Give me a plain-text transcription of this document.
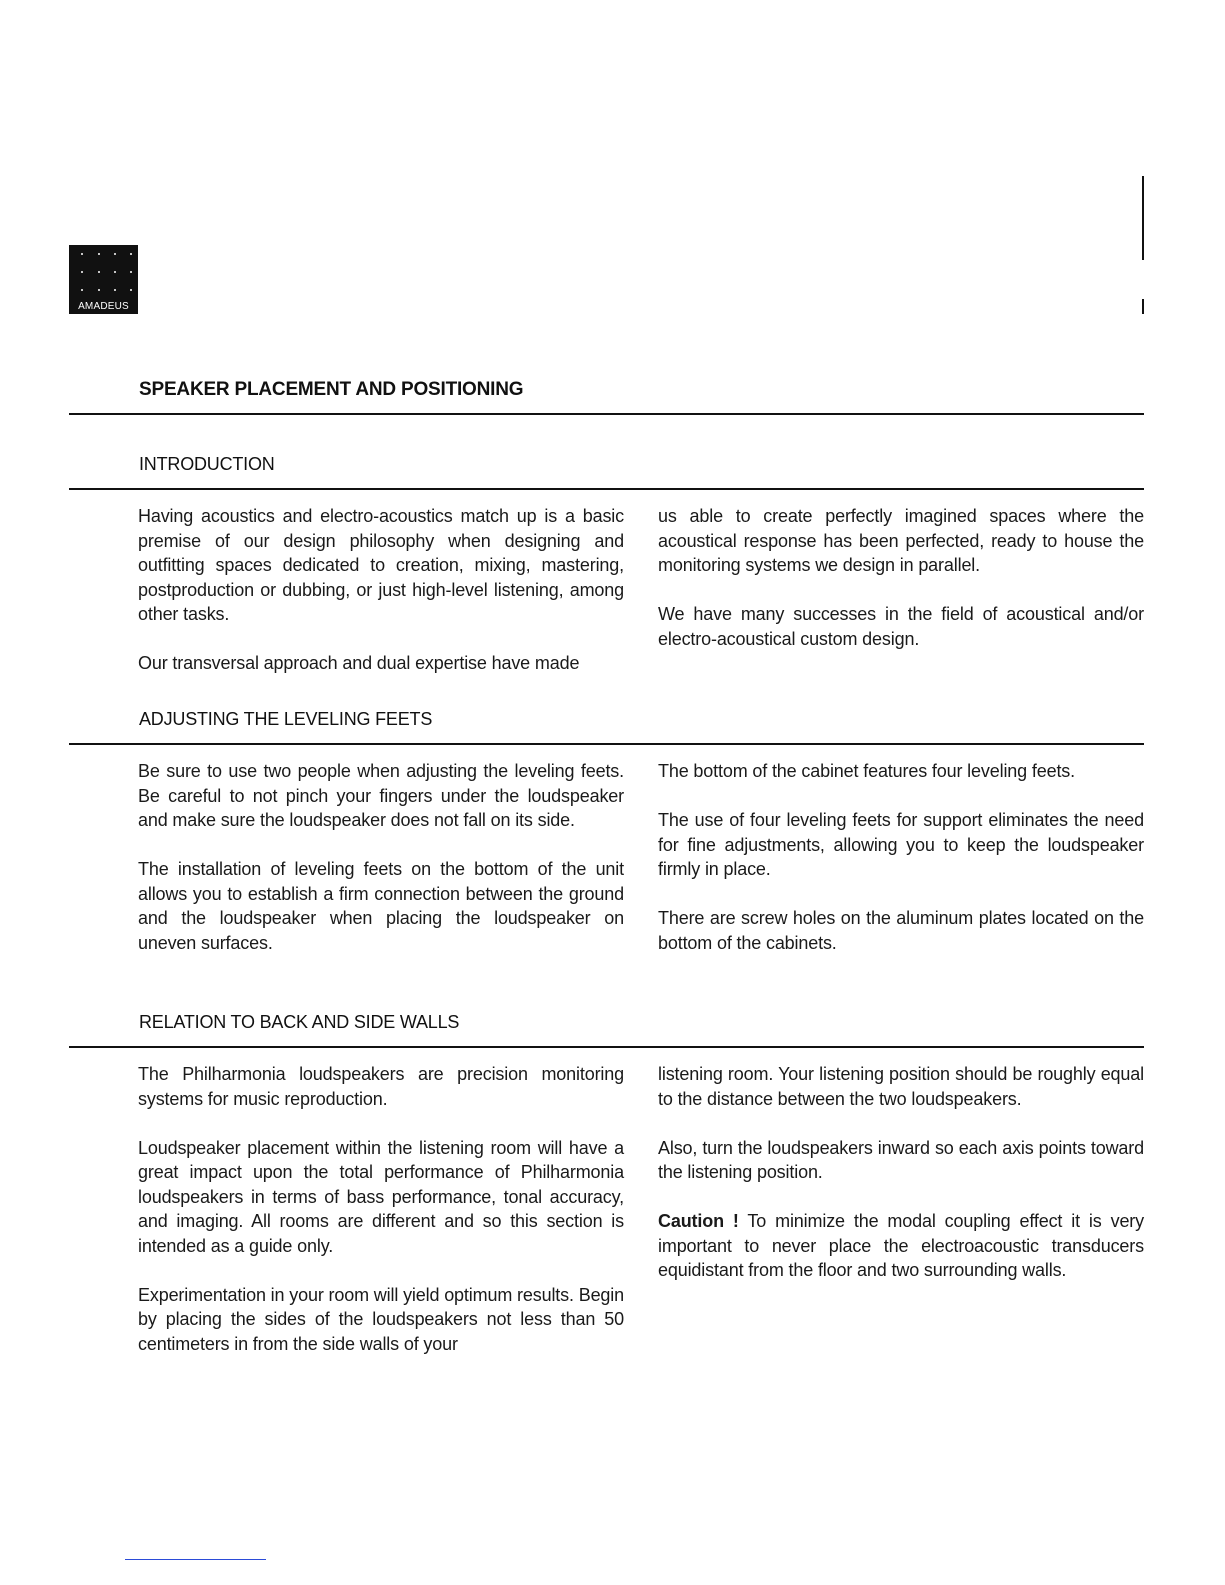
AMADEUS
SPEAKER PLACEMENT AND POSITIONING
INTRODUCTION

Having acoustics and electro-acoustics match up is a basic premise of our design philosophy when designing and outfitting spaces dedicated to creation, mixing, mastering, postproduction or dubbing, or just high-level listening, among other tasks.

Our transversal approach and dual expertise have made

us able to create perfectly imagined spaces where the acoustical response has been perfected, ready to house the monitoring systems we design in parallel.

We have many successes in the field of acoustical and/or electro-acoustical custom design.

ADJUSTING THE LEVELING FEETS

Be sure to use two people when adjusting the leveling feets. Be careful to not pinch your fingers under the loudspeaker and make sure the loudspeaker does not fall on its side.

The installation of leveling feets on the bottom of the unit allows you to establish a firm connection between the ground and the loudspeaker when placing the loudspeaker on uneven surfaces.

The bottom of the cabinet features four leveling feets.

The use of four leveling feets for support eliminates the need for fine adjustments, allowing you to keep the loudspeaker firmly in place.

There are screw holes on the aluminum plates located on the bottom of the cabinets.

RELATION TO BACK AND SIDE WALLS

The Philharmonia loudspeakers are precision monitoring systems for music reproduction.

Loudspeaker placement within the listening room will have a great impact upon the total performance of Philharmonia loudspeakers in terms of bass performance, tonal accuracy, and imaging. All rooms are different and so this section is intended as a guide only.

Experimentation in your room will yield optimum results. Begin by placing the sides of the loudspeakers not less than 50 centimeters in from the side walls of your

listening room. Your listening position should be roughly equal to the distance between the two loudspeakers.

Also, turn the loudspeakers inward so each axis points toward the listening position.

Caution ! To minimize the modal coupling effect it is very important to never place the electroacoustic transducers equidistant from the floor and two surrounding walls.
